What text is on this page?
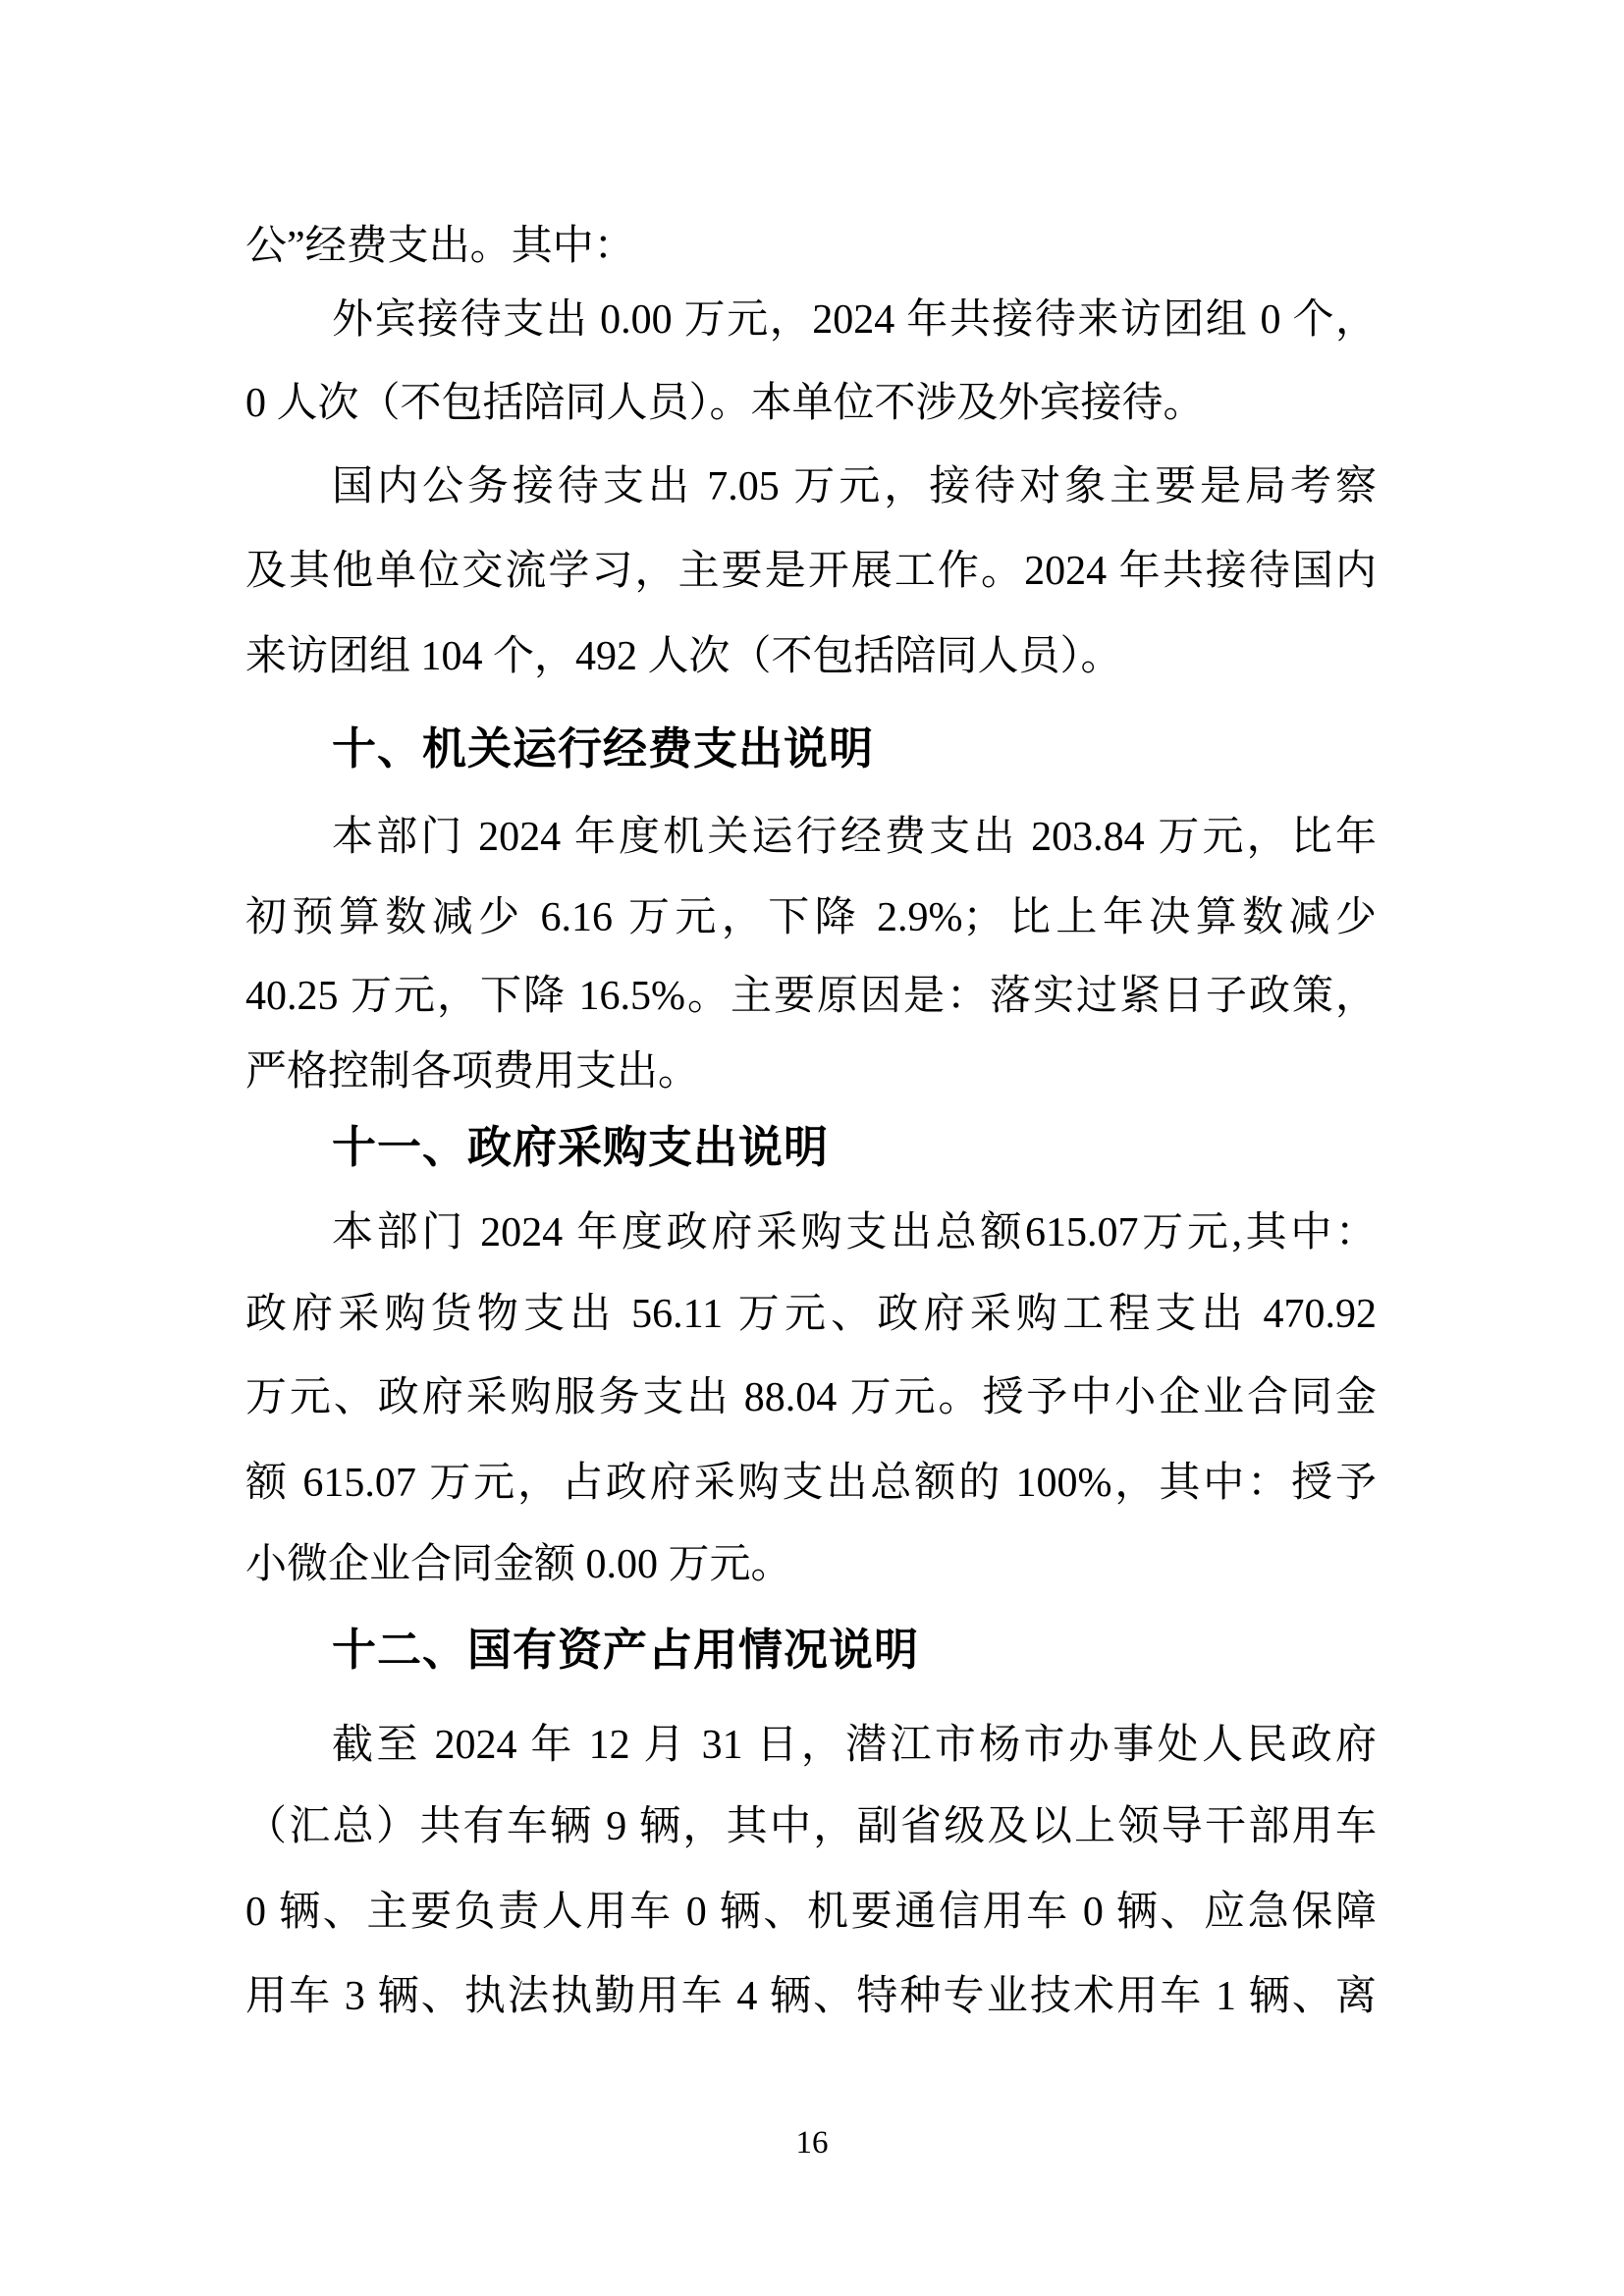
公”经费支出。其中：
外宾接待支出 0.00 万元，2024 年共接待来访团组 0 个，
0 人次（不包括陪同人员）。本单位不涉及外宾接待。
国内公务接待支出 7.05 万元，接待对象主要是局考察
及其他单位交流学习，主要是开展工作。2024 年共接待国内
来访团组 104 个，492 人次（不包括陪同人员）。
十、机关运行经费支出说明
本部门 2024 年度机关运行经费支出 203.84 万元，比年
初预算数减少 6.16 万元，下降 2.9%；比上年决算数减少
40.25 万元，下降 16.5%。主要原因是：落实过紧日子政策，
严格控制各项费用支出。
十一、政府采购支出说明
本部门 2024 年度政府采购支出总额615.07万元,其中：
政府采购货物支出 56.11 万元、政府采购工程支出 470.92
万元、政府采购服务支出 88.04 万元。授予中小企业合同金
额 615.07 万元，占政府采购支出总额的 100%，其中：授予
小微企业合同金额 0.00 万元。
十二、国有资产占用情况说明
截至 2024 年 12 月 31 日，潜江市杨市办事处人民政府
（汇总）共有车辆 9 辆，其中，副省级及以上领导干部用车
0 辆、主要负责人用车 0 辆、机要通信用车 0 辆、应急保障
用车 3 辆、执法执勤用车 4 辆、特种专业技术用车 1 辆、离
16
